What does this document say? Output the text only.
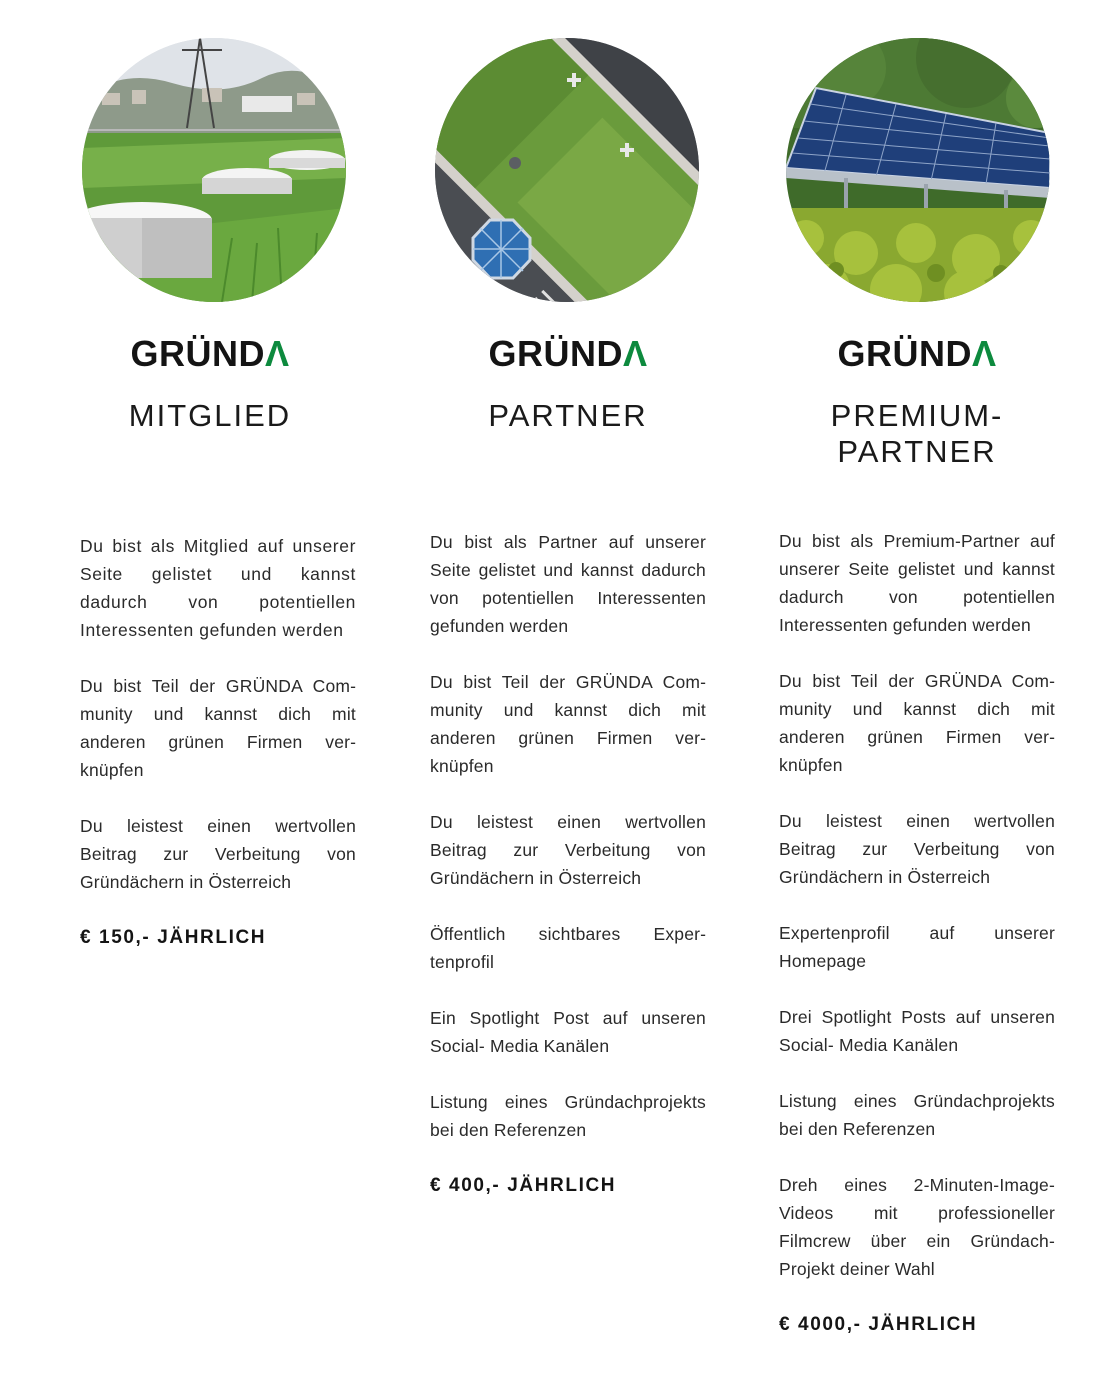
GRÜNDΛ
MITGLIED

Du bist als Mitglied auf unserer Seite gelistet und kannst dadurch von potentiellen Interessenten gefunden werden

Du bist Teil der GRÜNDA Community und kannst dich mit anderen grünen Firmen verknüpfen

Du leistest einen wertvollen Beitrag zur Verbeitung von Gründächern in Österreich

€ 150,- JÄHRLICH
GRÜNDΛ
PARTNER

Du bist als Partner auf unserer Seite gelistet und kannst dadurch von potentiellen Interessenten gefunden werden

Du bist Teil der GRÜNDA Community und kannst dich mit anderen grünen Firmen verknüpfen

Du leistest einen wertvollen Beitrag zur Verbeitung von Gründächern in Österreich

Öffentlich sichtbares Expertenprofil

Ein Spotlight Post auf unseren Social- Media Kanälen

Listung eines Gründachprojekts bei den Referenzen

€ 400,- JÄHRLICH
GRÜNDΛ
PREMIUM-
PARTNER

Du bist als Premium-Partner auf unserer Seite gelistet und kannst dadurch von potentiellen Interessenten gefunden werden

Du bist Teil der GRÜNDA Community und kannst dich mit anderen grünen Firmen verknüpfen

Du leistest einen wertvollen Beitrag zur Verbeitung von Gründächern in Österreich

Expertenprofil auf unserer Homepage

Drei Spotlight Posts auf unseren Social- Media Kanälen

Listung eines Gründachprojekts bei den Referenzen

Dreh eines 2-Minuten-Image-Videos mit professioneller Filmcrew über ein Gründach-Projekt deiner Wahl

€ 4000,- JÄHRLICH
